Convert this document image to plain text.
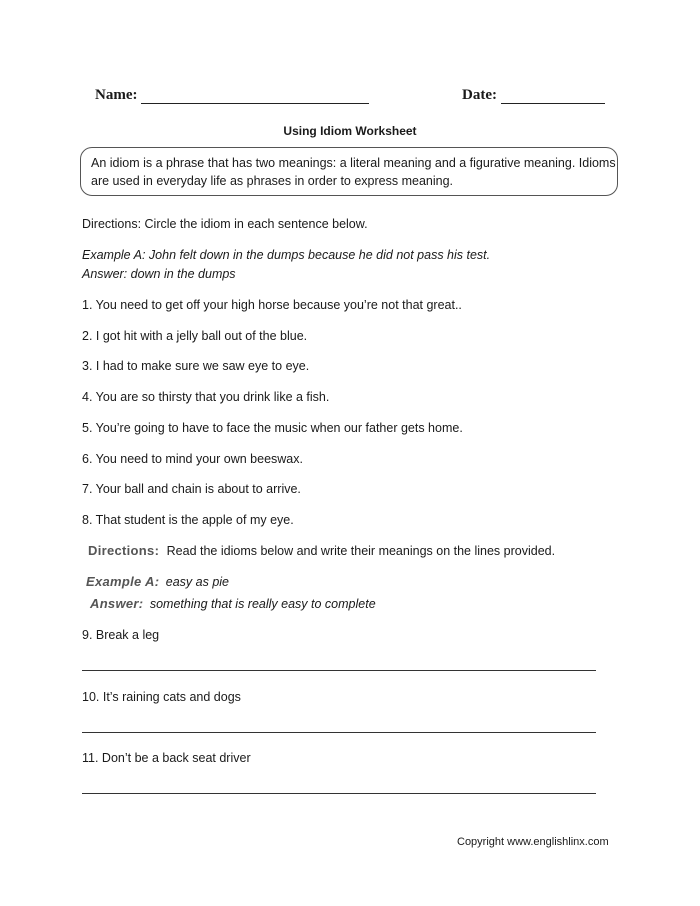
Name:	Date:
Using Idiom Worksheet

An idiom is a phrase that has two meanings: a literal meaning and a figurative meaning. Idioms

are used in everyday life as phrases in order to express meaning.

Directions: Circle the idiom in each sentence below.
Example A: John felt down in the dumps because he did not pass his test.
Answer: down in the dumps
1. You need to get off your high horse because you’re not that great..
2. I got hit with a jelly ball out of the blue.
3. I had to make sure we saw eye to eye.
4. You are so thirsty that you drink like a fish.
5. You’re going to have to face the music when our father gets home.
6. You need to mind your own beeswax.
7. Your ball and chain is about to arrive.
8. That student is the apple of my eye.
Directions: Read the idioms below and write their meanings on the lines provided.
Example A: easy as pie
Answer: something that is really easy to complete
9. Break a leg
10. It’s raining cats and dogs
11. Don’t be a back seat driver
Copyright www.englishlinx.com
